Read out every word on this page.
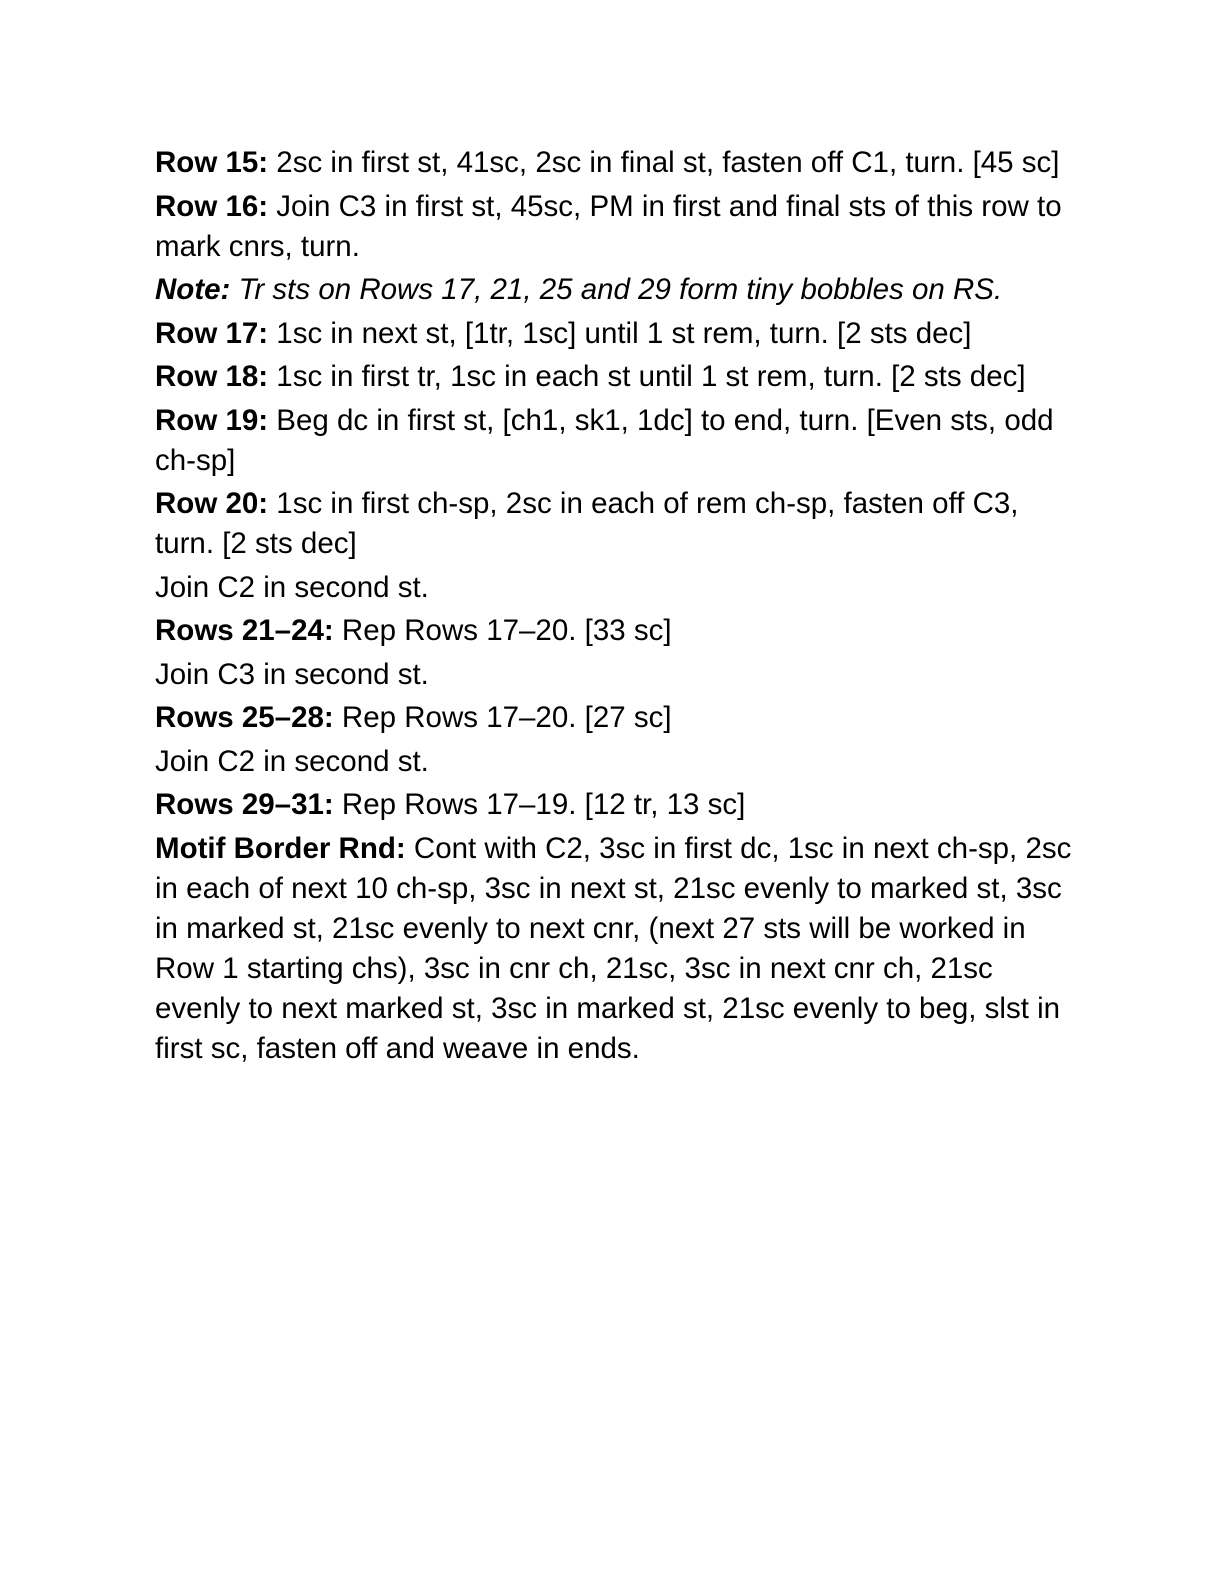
Row 15: 2sc in first st, 41sc, 2sc in final st, fasten off C1, turn. [45 sc]

Row 16: Join C3 in first st, 45sc, PM in first and final sts of this row to mark cnrs, turn.

Note: Tr sts on Rows 17, 21, 25 and 29 form tiny bobbles on RS.

Row 17: 1sc in next st, [1tr, 1sc] until 1 st rem, turn. [2 sts dec]

Row 18: 1sc in first tr, 1sc in each st until 1 st rem, turn. [2 sts dec]

Row 19: Beg dc in first st, [ch1, sk1, 1dc] to end, turn. [Even sts, odd ch-sp]

Row 20: 1sc in first ch-sp, 2sc in each of rem ch-sp, fasten off C3, turn. [2 sts dec]

Join C2 in second st.

Rows 21–24: Rep Rows 17–20. [33 sc]

Join C3 in second st.

Rows 25–28: Rep Rows 17–20. [27 sc]

Join C2 in second st.

Rows 29–31: Rep Rows 17–19. [12 tr, 13 sc]

Motif Border Rnd: Cont with C2, 3sc in first dc, 1sc in next ch-sp, 2sc in each of next 10 ch-sp, 3sc in next st, 21sc evenly to marked st, 3sc in marked st, 21sc evenly to next cnr, (next 27 sts will be worked in Row 1 starting chs), 3sc in cnr ch, 21sc, 3sc in next cnr ch, 21sc evenly to next marked st, 3sc in marked st, 21sc evenly to beg, slst in first sc, fasten off and weave in ends.
